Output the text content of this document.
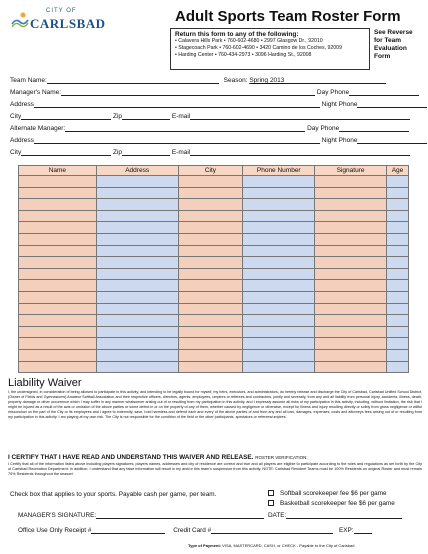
CITY OF
CARLSBAD	Adult Sports Team Roster Form
Return this form to any of the following:
• Calavera Hills Park • 760-602-4680 • 2997 Glasgow Dr., 92010
• Stagecoach Park • 760-602-4690 • 3420 Camino de los Coches, 92009
• Harding Center • 760-434-2973 • 3096 Harding St., 92008
See Reverse
for Team
Evaluation
Form
Team Name:	Season: Spring 2013
Manager's Name:	Day Phone
Address	Night Phone
City	Zip	E-mail
Alternate Manager:	Day Phone
Address	Night Phone
City	Zip	E-mail
Name	Address	City	Phone Number	Signature	Age

Liability Waiver
I, the undersigned, in consideration of being allowed to participate in this activity, and intending to be legally bound for myself, my heirs, executors, and administrators, do hereby release and discharge the City of Carlsbad, Carlsbad Unified School District, (Owner of Fields and Gymnasiums) Amateur Softball Association and their respective officers, directors, agents, employees, umpires or referees and contractors, jointly and severally, from any and all liability from personal injury, accidents, illness, death, property damage or other occurrence which I may suffer in any manner whatsoever arising out of or resulting from my participation in this activity, and I expressly assume all risks of my participation in this activity, including, without limitation, the risk that I might be injured as a result of the acts or omission of the above parties or some defect in or on the property of any of them, whether caused by negligence or otherwise, except for illness and injury resulting directly or solely from gross negligence or willful misconduct on the part of the City or its employees and I agree to indemnify, save, hold harmless and defend each and every of the above parties of and from any and all loss, damages, expenses, costs and attorneys fees arising out of or resulting from my participation in this activity. I am playing at my own risk. The City is not responsible for the condition of the field or the other participants, spectators or referees/umpires.
I CERTIFY THAT I HAVE READ AND UNDERSTAND THIS WAIVER AND RELEASE. ROSTER VERIFICATION:
I Certify that all of the information listed above including players signatures, players names, addresses and city of residence are correct and true and all players are eligible to participate according to the rules and regulations as set forth by the City of Carlsbad Recreation Department. In addition, I understand that any false information will result in my and/or this team's suspension from this activity. NOTE: Carlsbad Resident Teams must be 100% Residents on original Roster and must remain 70% Residents throughout the season!
Check box that applies to your sports. Payable cash per game, per team.	Softball scorekeeper fee $6 per game
Basketball scorekeeper fee $6 per game
MANAGER'S SIGNATURE:	DATE:
Office Use Only Receipt #	Credit Card #	EXP:
Type of Payment: VISA, MASTERCARD, CASH, or CHECK - Payable to the City of Carlsbad
